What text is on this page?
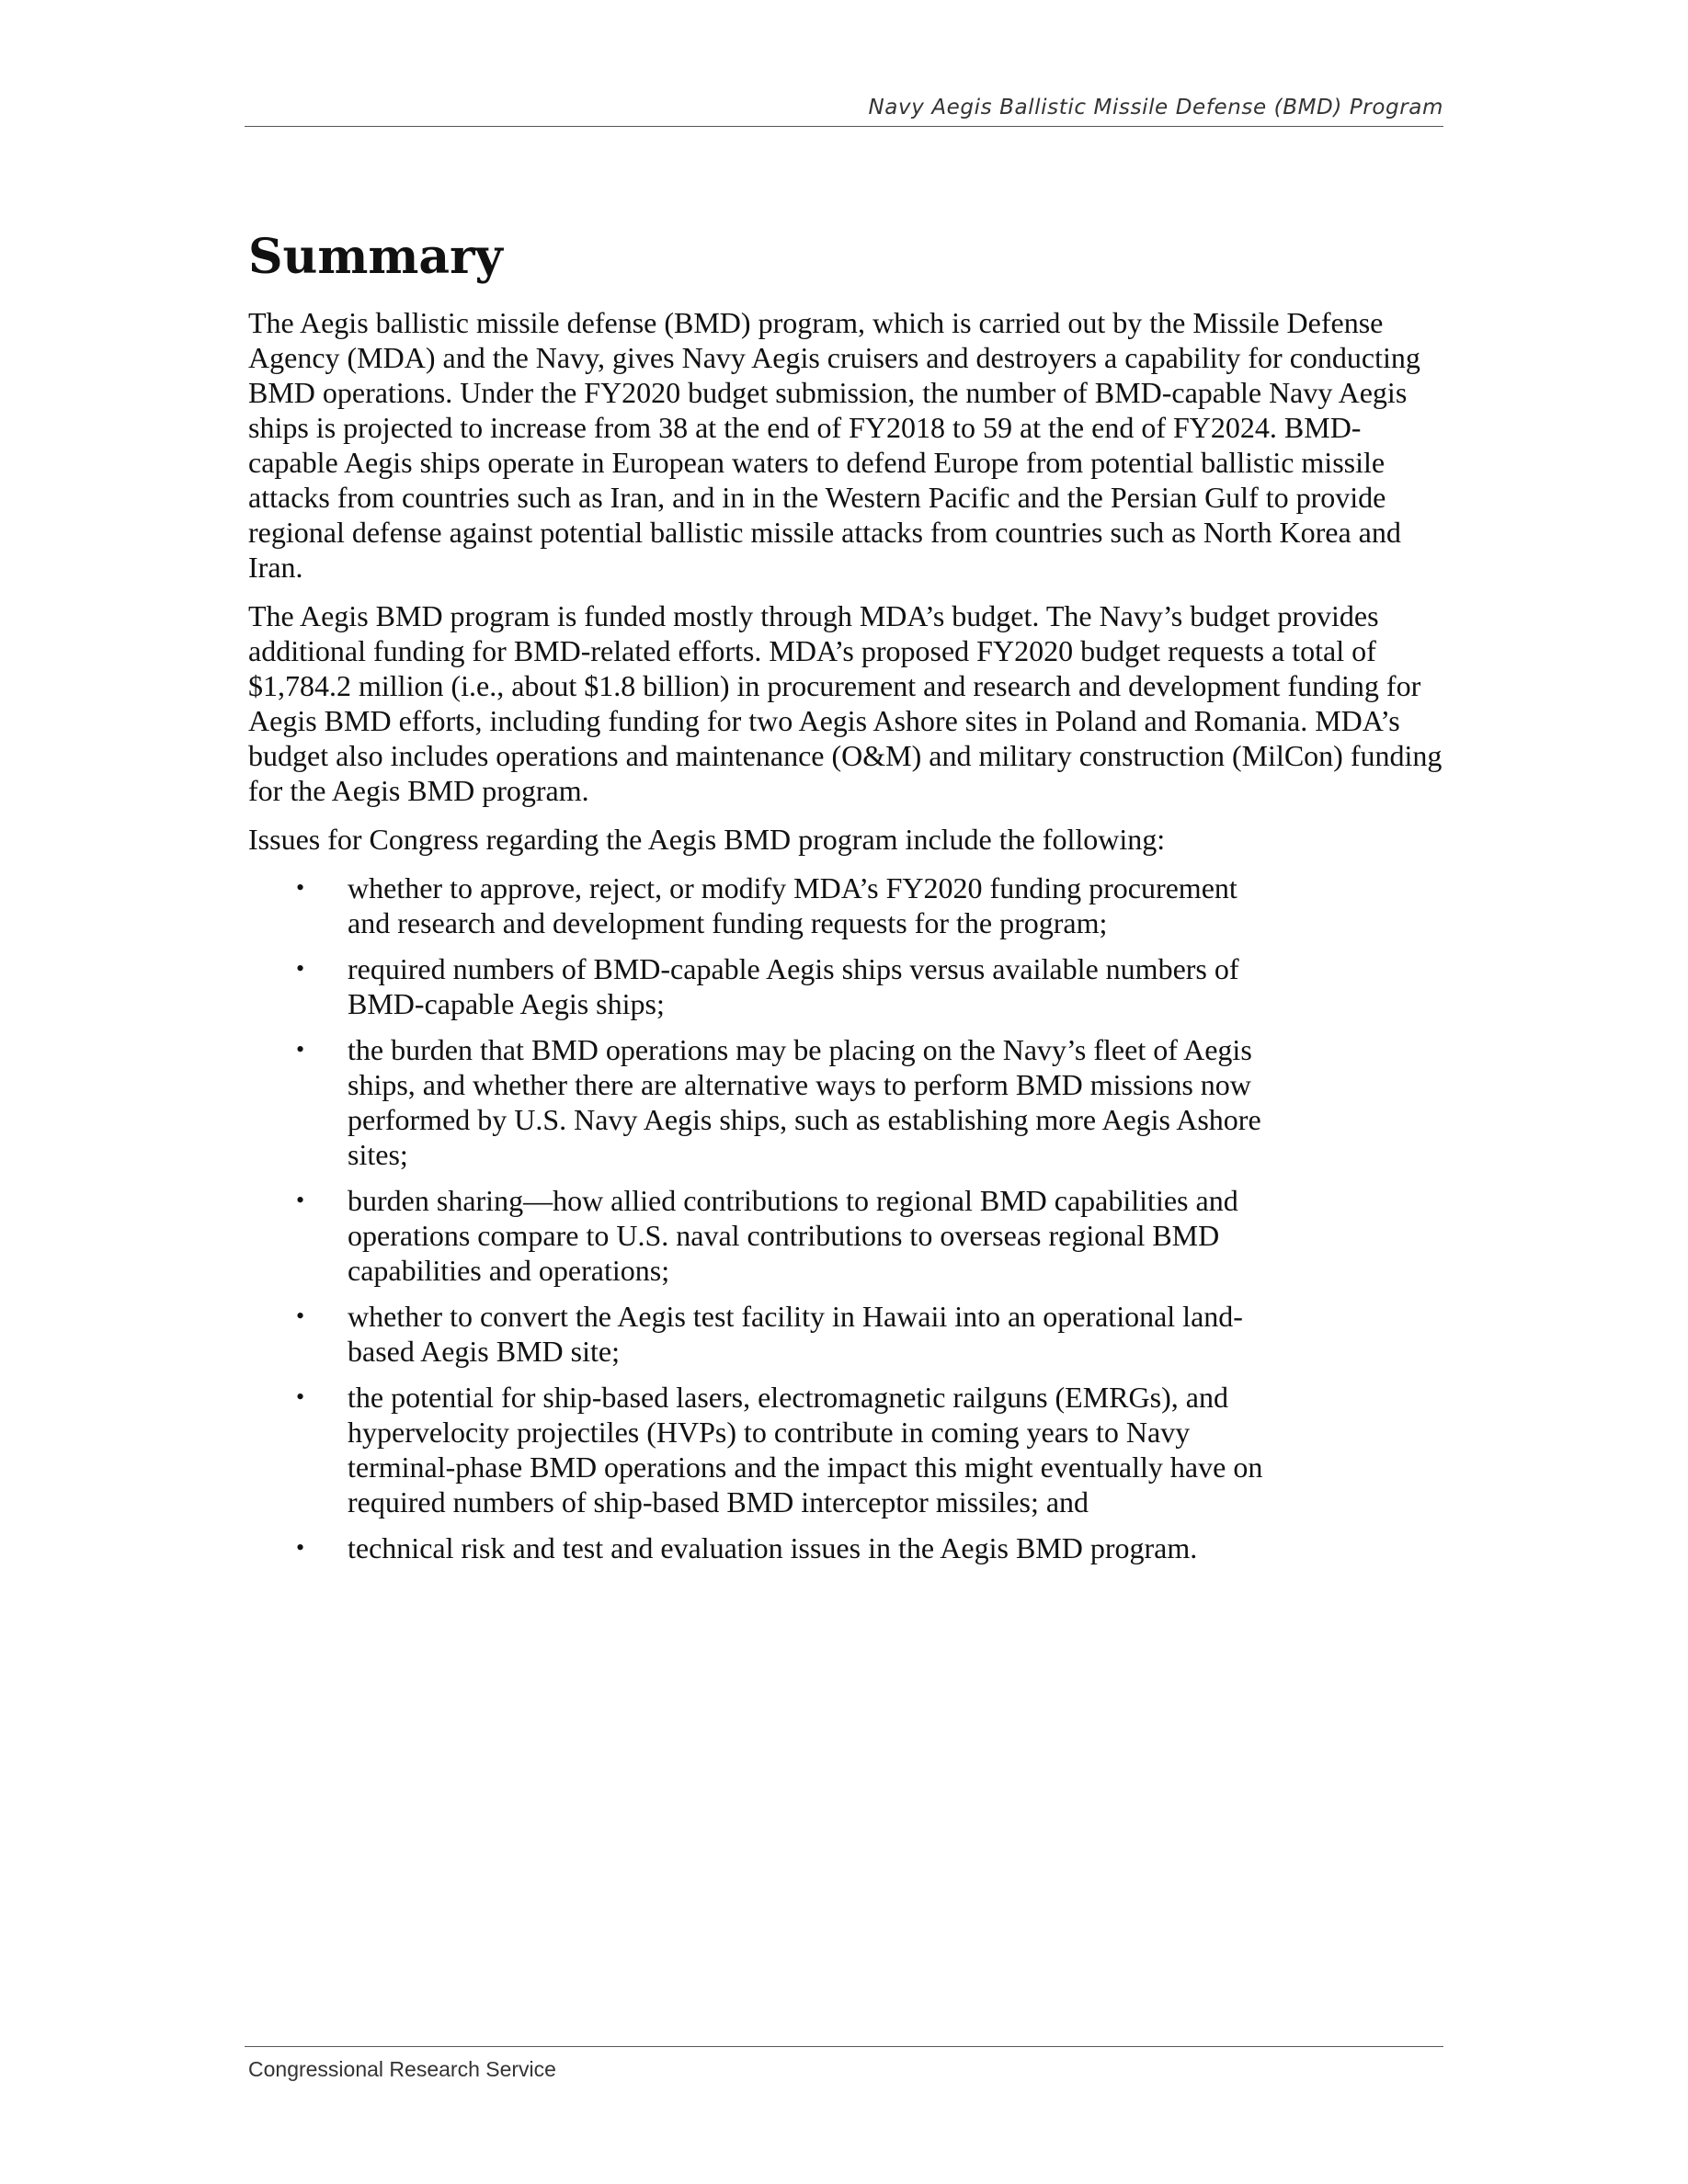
Navy Aegis Ballistic Missile Defense (BMD) Program
Summary

The Aegis ballistic missile defense (BMD) program, which is carried out by the Missile Defense Agency (MDA) and the Navy, gives Navy Aegis cruisers and destroyers a capability for conducting BMD operations. Under the FY2020 budget submission, the number of BMD-capable Navy Aegis ships is projected to increase from 38 at the end of FY2018 to 59 at the end of FY2024. BMD-capable Aegis ships operate in European waters to defend Europe from potential ballistic missile attacks from countries such as Iran, and in in the Western Pacific and the Persian Gulf to provide regional defense against potential ballistic missile attacks from countries such as North Korea and Iran.

The Aegis BMD program is funded mostly through MDA’s budget. The Navy’s budget provides additional funding for BMD-related efforts. MDA’s proposed FY2020 budget requests a total of $1,784.2 million (i.e., about $1.8 billion) in procurement and research and development funding for Aegis BMD efforts, including funding for two Aegis Ashore sites in Poland and Romania. MDA’s budget also includes operations and maintenance (O&M) and military construction (MilCon) funding for the Aegis BMD program.

Issues for Congress regarding the Aegis BMD program include the following:

• whether to approve, reject, or modify MDA’s FY2020 funding procurement and research and development funding requests for the program;
• required numbers of BMD-capable Aegis ships versus available numbers of BMD-capable Aegis ships;
• the burden that BMD operations may be placing on the Navy’s fleet of Aegis ships, and whether there are alternative ways to perform BMD missions now performed by U.S. Navy Aegis ships, such as establishing more Aegis Ashore sites;
• burden sharing—how allied contributions to regional BMD capabilities and operations compare to U.S. naval contributions to overseas regional BMD capabilities and operations;
• whether to convert the Aegis test facility in Hawaii into an operational land-based Aegis BMD site;
• the potential for ship-based lasers, electromagnetic railguns (EMRGs), and hypervelocity projectiles (HVPs) to contribute in coming years to Navy terminal-phase BMD operations and the impact this might eventually have on required numbers of ship-based BMD interceptor missiles; and
• technical risk and test and evaluation issues in the Aegis BMD program.
Congressional Research Service
